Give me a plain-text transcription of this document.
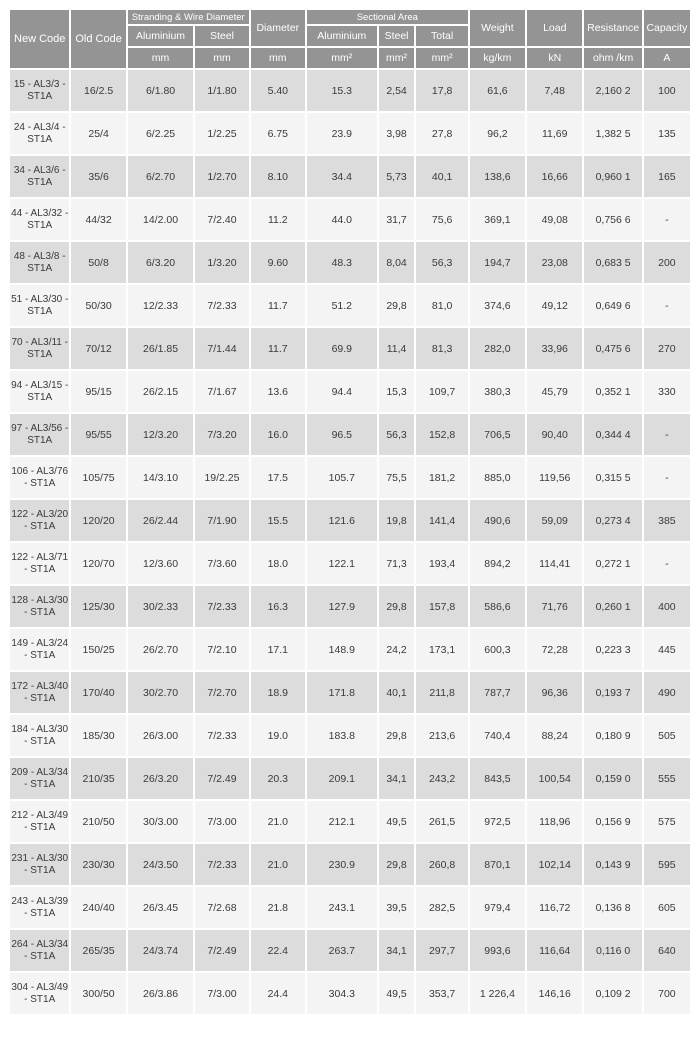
New Code	Old Code	Stranding & Wire Diameter		Diameter	Sectional Area			Weight	Load	Resistance	Capacity
		Aluminium	Steel		Aluminium	Steel	Total				
		mm	mm	mm	mm²	mm²	mm²	kg/km	kN	ohm /km	A
15 - AL3/3 - ST1A	16/2.5	6/1.80	1/1.80	5.40	15.3	2,54	17,8	61,6	7,48	2,160 2	100
24 - AL3/4 - ST1A	25/4	6/2.25	1/2.25	6.75	23.9	3,98	27,8	96,2	11,69	1,382 5	135
34 - AL3/6 - ST1A	35/6	6/2.70	1/2.70	8.10	34.4	5,73	40,1	138,6	16,66	0,960 1	165
44 - AL3/32 - ST1A	44/32	14/2.00	7/2.40	11.2	44.0	31,7	75,6	369,1	49,08	0,756 6	-
48 - AL3/8 - ST1A	50/8	6/3.20	1/3.20	9.60	48.3	8,04	56,3	194,7	23,08	0,683 5	200
51 - AL3/30 - ST1A	50/30	12/2.33	7/2.33	11.7	51.2	29,8	81,0	374,6	49,12	0,649 6	-
70 - AL3/11 - ST1A	70/12	26/1.85	7/1.44	11.7	69.9	11,4	81,3	282,0	33,96	0,475 6	270
94 - AL3/15 - ST1A	95/15	26/2.15	7/1.67	13.6	94.4	15,3	109,7	380,3	45,79	0,352 1	330
97 - AL3/56 - ST1A	95/55	12/3.20	7/3.20	16.0	96.5	56,3	152,8	706,5	90,40	0,344 4	-
106 - AL3/76 - ST1A	105/75	14/3.10	19/2.25	17.5	105.7	75,5	181,2	885,0	119,56	0,315 5	-
122 - AL3/20 - ST1A	120/20	26/2.44	7/1.90	15.5	121.6	19,8	141,4	490,6	59,09	0,273 4	385
122 - AL3/71 - ST1A	120/70	12/3.60	7/3.60	18.0	122.1	71,3	193,4	894,2	114,41	0,272 1	-
128 - AL3/30 - ST1A	125/30	30/2.33	7/2.33	16.3	127.9	29,8	157,8	586,6	71,76	0,260 1	400
149 - AL3/24 - ST1A	150/25	26/2.70	7/2.10	17.1	148.9	24,2	173,1	600,3	72,28	0,223 3	445
172 - AL3/40 - ST1A	170/40	30/2.70	7/2.70	18.9	171.8	40,1	211,8	787,7	96,36	0,193 7	490
184 - AL3/30 - ST1A	185/30	26/3.00	7/2.33	19.0	183.8	29,8	213,6	740,4	88,24	0,180 9	505
209 - AL3/34 - ST1A	210/35	26/3.20	7/2.49	20.3	209.1	34,1	243,2	843,5	100,54	0,159 0	555
212 - AL3/49 - ST1A	210/50	30/3.00	7/3.00	21.0	212.1	49,5	261,5	972,5	118,96	0,156 9	575
231 - AL3/30 - ST1A	230/30	24/3.50	7/2.33	21.0	230.9	29,8	260,8	870,1	102,14	0,143 9	595
243 - AL3/39 - ST1A	240/40	26/3.45	7/2.68	21.8	243.1	39,5	282,5	979,4	116,72	0,136 8	605
264 - AL3/34 - ST1A	265/35	24/3.74	7/2.49	22.4	263.7	34,1	297,7	993,6	116,64	0,116 0	640
304 - AL3/49 - ST1A	300/50	26/3.86	7/3.00	24.4	304.3	49,5	353,7	1 226,4	146,16	0,109 2	700
